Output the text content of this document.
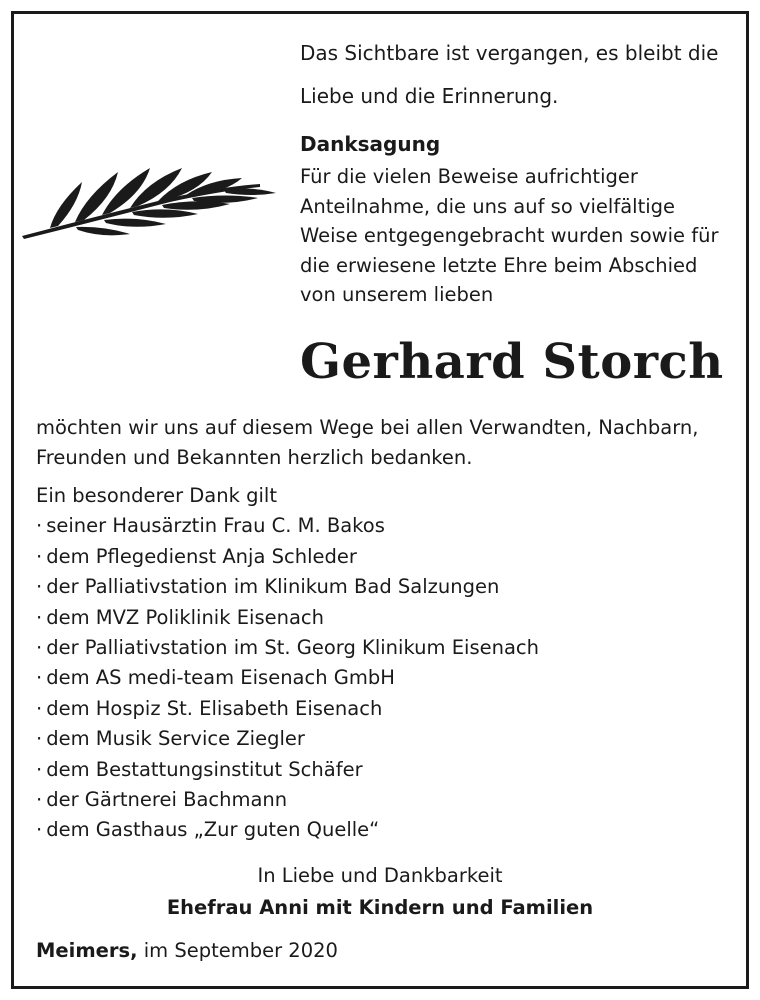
Das Sichtbare ist vergangen, es bleibt die
Liebe und die Erinnerung.
Danksagung
Für die vielen Beweise aufrichtiger
Anteilnahme, die uns auf so vielfältige
Weise entgegengebracht wurden sowie für
die erwiesene letzte Ehre beim Abschied
von unserem lieben
Gerhard Storch
möchten wir uns auf diesem Wege bei allen Verwandten, Nachbarn,
Freunden und Bekannten herzlich bedanken.
Ein besonderer Dank gilt
· seiner Hausärztin Frau C. M. Bakos
· dem Pflegedienst Anja Schleder
· der Palliativstation im Klinikum Bad Salzungen
· dem MVZ Poliklinik Eisenach
· der Palliativstation im St. Georg Klinikum Eisenach
· dem AS medi-team Eisenach GmbH
· dem Hospiz St. Elisabeth Eisenach
· dem Musik Service Ziegler
· dem Bestattungsinstitut Schäfer
· der Gärtnerei Bachmann
· dem Gasthaus „Zur guten Quelle“
In Liebe und Dankbarkeit
Ehefrau Anni mit Kindern und Familien
Meimers, im September 2020
